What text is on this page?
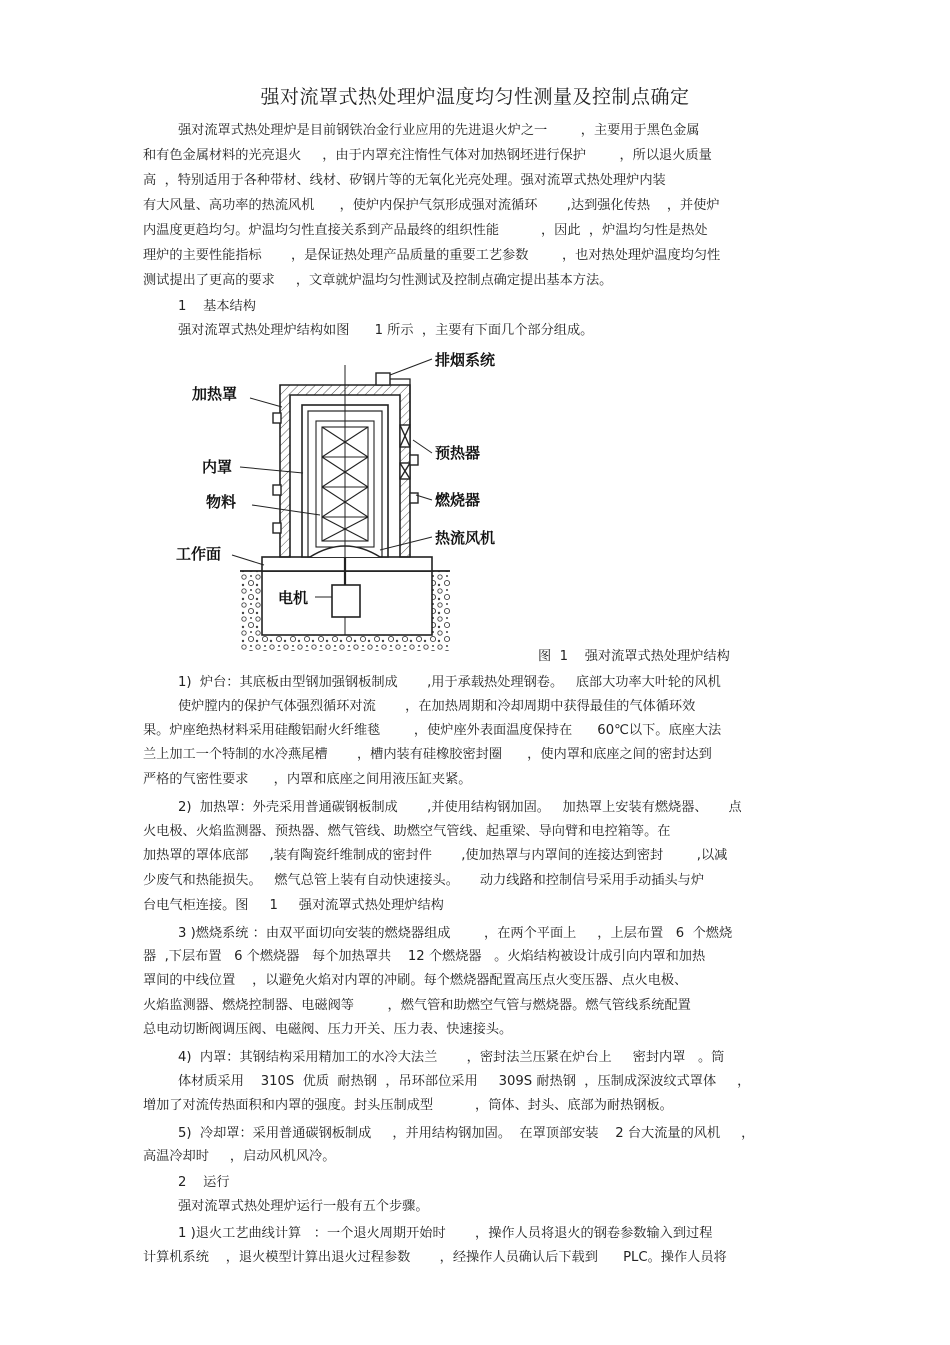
强对流罩式热处理炉温度均匀性测量及控制点确定
强对流罩式热处理炉是目前钢铁冶金行业应用的先进退火炉之一        ，主要用于黑色金属
和有色金属材料的光亮退火     ，由于内罩充注惰性气体对加热钢坯进行保护        ，所以退火质量
高  ，特别适用于各种带材、线材、矽钢片等的无氧化光亮处理。强对流罩式热处理炉内装
有大风量、高功率的热流风机      ，使炉内保护气氛形成强对流循环       ,达到强化传热    ，并使炉
内温度更趋均匀。炉温均匀性直接关系到产品最终的组织性能          ，因此  ，炉温均匀性是热处
理炉的主要性能指标       ，是保证热处理产品质量的重要工艺参数        ，也对热处理炉温度均匀性
测试提出了更高的要求     ，文章就炉温均匀性测试及控制点确定提出基本方法。
1    基本结构
强对流罩式热处理炉结构如图      1 所示  ，主要有下面几个部分组成。
排烟系统
加热罩
预热器
内罩
燃烧器
物料
热流风机
工作面
电机
图  1    强对流罩式热处理炉结构
1)  炉台：其底板由型钢加强钢板制成       ,用于承载热处理钢卷。   底部大功率大叶轮的风机
使炉膛内的保护气体强烈循环对流       ，在加热周期和冷却周期中获得最佳的气体循环效
果。炉座绝热材料采用硅酸铝耐火纤维毯        ，使炉座外表面温度保持在      60℃以下。底座大法
兰上加工一个特制的水冷燕尾槽       ，槽内装有硅橡胶密封圈      ，使内罩和底座之间的密封达到
严格的气密性要求      ，内罩和底座之间用液压缸夹紧。
2)  加热罩：外壳采用普通碳钢板制成       ,并使用结构钢加固。   加热罩上安装有燃烧器、     点
火电极、火焰监测器、预热器、燃气管线、助燃空气管线、起重梁、导向臂和电控箱等。在
加热罩的罩体底部     ,装有陶瓷纤维制成的密封件       ,使加热罩与内罩间的连接达到密封        ,以减
少废气和热能损失。   燃气总管上装有自动快速接头。     动力线路和控制信号采用手动插头与炉
台电气柜连接。图     1     强对流罩式热处理炉结构
3 )燃烧系统 ：由双平面切向安装的燃烧器组成        ，在两个平面上     ，上层布置   6  个燃烧
器  ,下层布置   6 个燃烧器   每个加热罩共    12 个燃烧器   。火焰结构被设计成引向内罩和加热
罩间的中线位置    ，以避免火焰对内罩的冲刷。每个燃烧器配置高压点火变压器、点火电极、
火焰监测器、燃烧控制器、电磁阀等        ，燃气管和助燃空气管与燃烧器。燃气管线系统配置
总电动切断阀调压阀、电磁阀、压力开关、压力表、快速接头。
4)  内罩：其钢结构采用精加工的水冷大法兰       ，密封法兰压紧在炉台上     密封内罩   。筒
体材质采用    310S  优质  耐热钢  ，吊环部位采用     309S 耐热钢  ，压制成深波纹式罩体     ，
增加了对流传热面积和内罩的强度。封头压制成型          ，筒体、封头、底部为耐热钢板。
5)  冷却罩：采用普通碳钢板制成     ，并用结构钢加固。  在罩顶部安装    2 台大流量的风机     ，
高温冷却时     ，启动风机风冷。
2    运行
强对流罩式热处理炉运行一般有五个步骤。
1 )退火工艺曲线计算   ：一个退火周期开始时       ，操作人员将退火的钢卷参数输入到过程
计算机系统    ，退火模型计算出退火过程参数       ，经操作人员确认后下载到      PLC。操作人员将
